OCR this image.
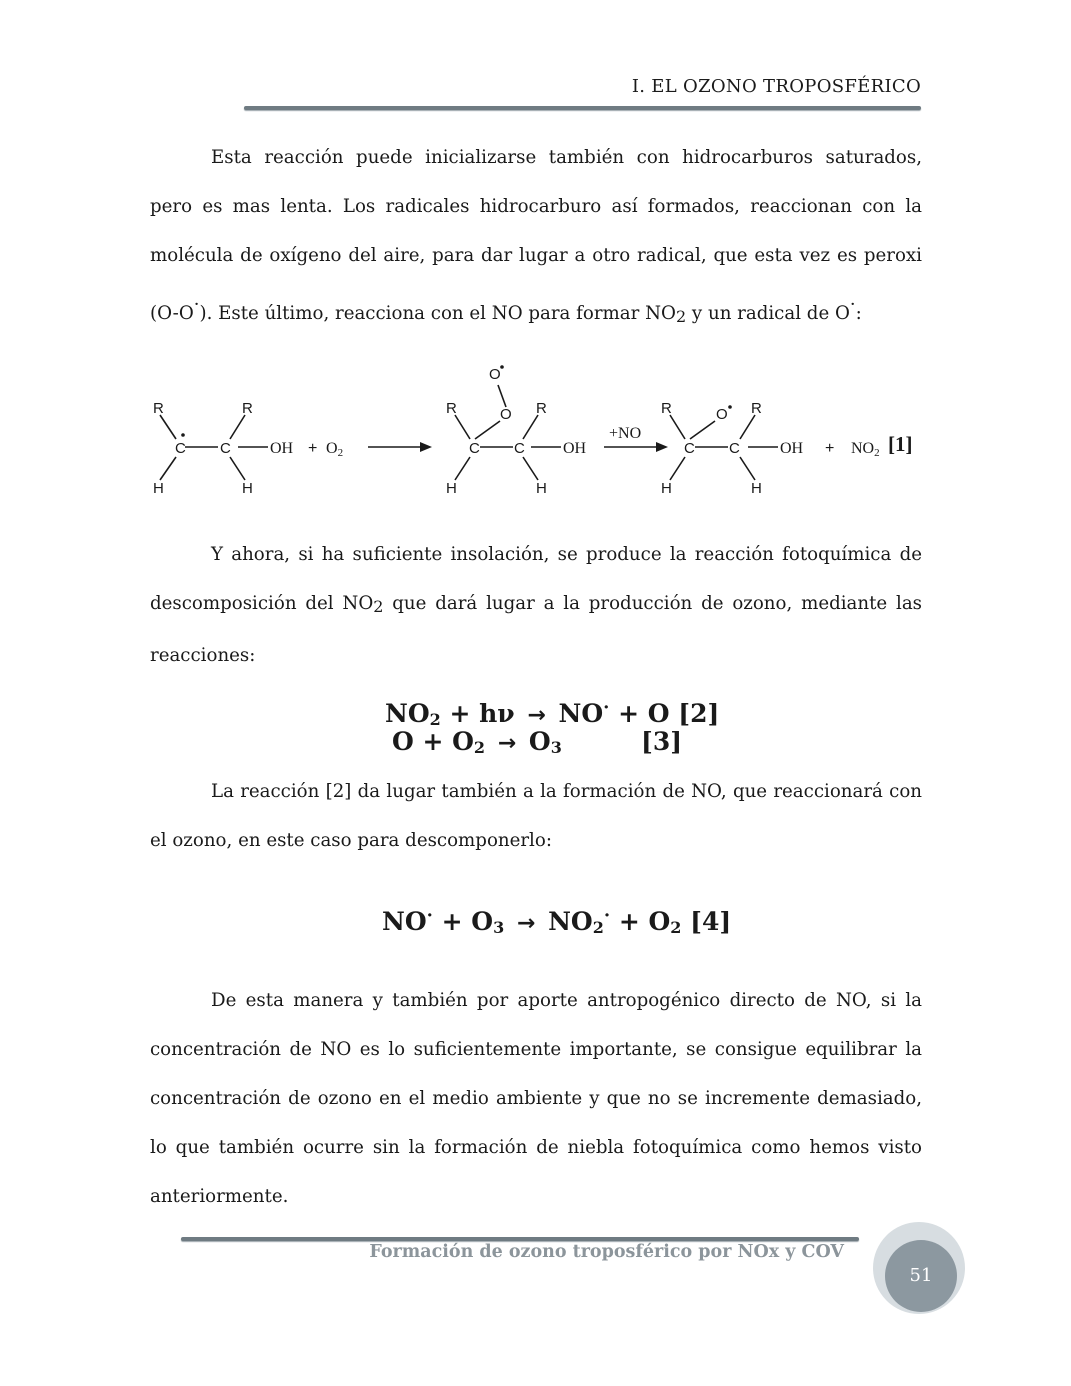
I. EL OZONO TROPOSFÉRICO

Esta reacción puede inicializarse también con hidrocarburos saturados, pero es mas lenta. Los radicales hidrocarburo así formados, reaccionan con la molécula de oxígeno del aire, para dar lugar a otro radical, que esta vez es peroxi (O-O·). Este último, reacciona con el NO para formar NO2 y un radical de O·:

R
H
C C
R
H
OH + O2
R
H
C C
R
H
OH
O
O
+NO
R
H
C C
R
H
OH
O
+ NO2 [1]

Y ahora, si ha suficiente insolación, se produce la reacción fotoquímica de descomposición del NO2 que dará lugar a la producción de ozono, mediante las reacciones:

NO2 + hν → NO· + O [2]

O + O2 → O3	[3]

La reacción [2] da lugar también a la formación de NO, que reaccionará con el ozono, en este caso para descomponerlo:

NO· + O3 → NO2· + O2 [4]

De esta manera y también por aporte antropogénico directo de NO, si la concentración de NO es lo suficientemente importante, se consigue equilibrar la concentración de ozono en el medio ambiente y que no se incremente demasiado, lo que también ocurre sin la formación de niebla fotoquímica como hemos visto anteriormente.

Formación de ozono troposférico por NOx y COV
51
